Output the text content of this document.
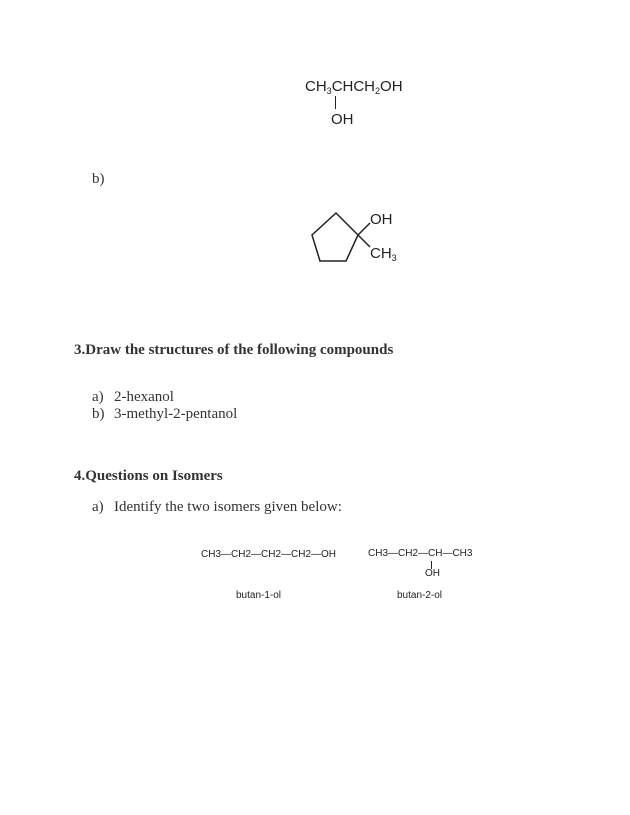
$CH_3CHCH_2OH$
OH
b)
OH
$CH_3$
3.Draw the structures of the following compounds
a) 2-hexanol
b) 3-methyl-2-pentanol
4.Questions on Isomers
a) Identify the two isomers given below:
CH3—CH2—CH2—CH2—OH
butan-1-ol
CH3—CH2—CH—CH3
OH
butan-2-ol
